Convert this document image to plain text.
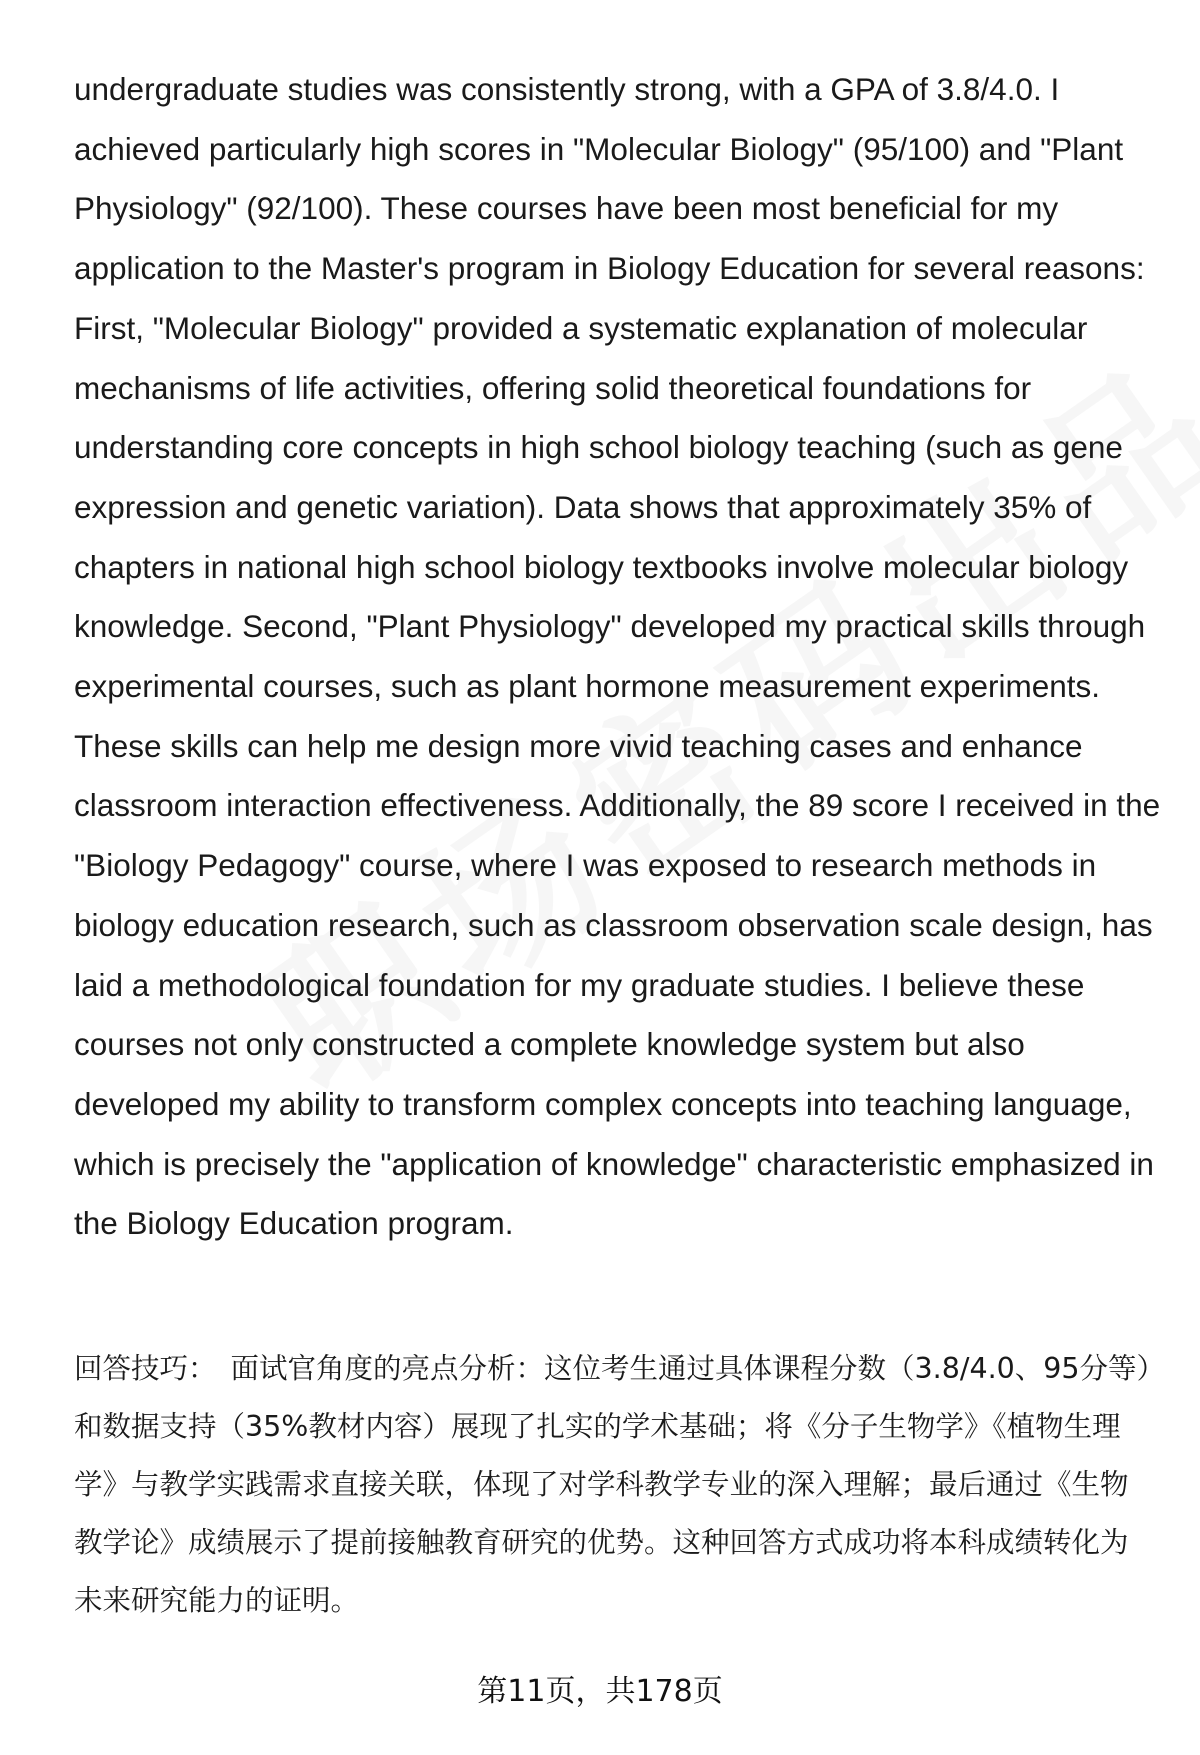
undergraduate studies was consistently strong, with a GPA of 3.8/4.0. I achieved particularly high scores in "Molecular Biology" (95/100) and "Plant Physiology" (92/100). These courses have been most beneficial for my application to the Master's program in Biology Education for several reasons: First, "Molecular Biology" provided a systematic explanation of molecular mechanisms of life activities, offering solid theoretical foundations for understanding core concepts in high school biology teaching (such as gene expression and genetic variation). Data shows that approximately 35% of chapters in national high school biology textbooks involve molecular biology knowledge. Second, "Plant Physiology" developed my practical skills through experimental courses, such as plant hormone measurement experiments. These skills can help me design more vivid teaching cases and enhance classroom interaction effectiveness. Additionally, the 89 score I received in the "Biology Pedagogy" course, where I was exposed to research methods in biology education research, such as classroom observation scale design, has laid a methodological foundation for my graduate studies. I believe these courses not only constructed a complete knowledge system but also developed my ability to transform complex concepts into teaching language, which is precisely the "application of knowledge" characteristic emphasized in the Biology Education program.

回答技巧： 面试官角度的亮点分析：这位考生通过具体课程分数（3.8/4.0、95分等）和数据支持（35%教材内容）展现了扎实的学术基础；将《分子生物学》《植物生理学》与教学实践需求直接关联，体现了对学科教学专业的深入理解；最后通过《生物教学论》成绩展示了提前接触教育研究的优势。这种回答方式成功将本科成绩转化为未来研究能力的证明。
第11页，共178页
